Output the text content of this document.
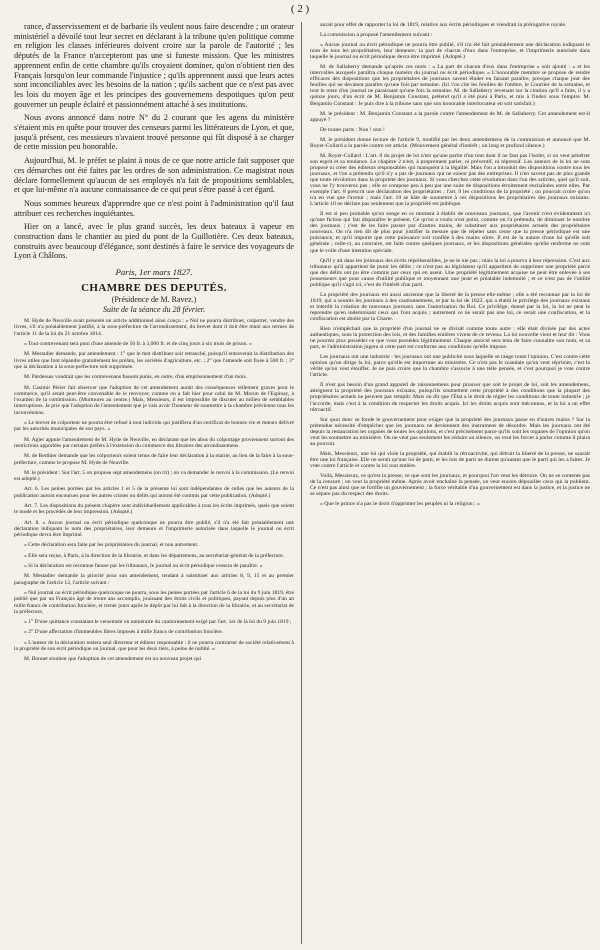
( 2 )

rance, d'asservissement et de barbarie ils veulent nous faire descendre ; un orateur ministériel a dévoilé tout leur secret en déclarant à la tribune qu'en politique comme en religion les classes inférieures doivent croire sur la parole de l'autorité ; les députés de la France n'accepteront pas une si funeste mission. Que les ministres apprennent enfin de cette chambre qu'ils croyaient dominer, qu'on n'obtient rien des Français lorsqu'on leur commande l'injustice ; qu'ils apprennent aussi que leurs actes sont inconciliables avec les besoins de la nation ; qu'ils sachent que ce n'est pas avec les lois du moyen âge et les principes des gouvernemens despotiques qu'on peut gouverner un peuple éclairé et passionnément attaché à ses institutions.

Nous avons annoncé dans notre N° du 2 courant que les agens du ministère s'étaient mis en quête pour trouver des censeurs parmi les littérateurs de Lyon, et que, jusqu'à présent, ces messieurs n'avaient trouvé personne qui fût disposé à se charger de cette mission peu honorable.

Aujourd'hui, M. le préfet se plaint à nous de ce que notre article fait supposer que ces démarches ont été faites par les ordres de son administration. Ce magistrat nous déclare formellement qu'aucun de ses employés n'a fait de propositions semblables, et que lui-même n'a aucune connaissance de ce qui peut s'être passé à cet égard.

Nous sommes heureux d'apprendre que ce n'est point à l'administration qu'il faut attribuer ces recherches inquiétantes.

Hier on a lancé, avec le plus grand succès, les deux bateaux à vapeur en construction dans le chantier au pied du pont de la Guillotière. Ces deux bateaux, construits avec beaucoup d'élégance, sont destinés à faire le service des voyageurs de Lyon à Châlons.

Paris, 1er mars 1827.
CHAMBRE DES DEPUTÉS.
(Présidence de M. Ravez.)
Suite de la séance du 28 février.

M. Hyde de Neuville avait présenté un article additionnel ainsi conçu : « Nul ne pourra distribuer, colporter, vendre des livres, s'il n'a préalablement justifié, à la sous-préfecture de l'arrondissement, du brevet dont il doit être muni aux termes de l'article 11 de la loi du 21 octobre 1814.

« Tout contrevenant sera puni d'une amende de 50 fr. à 3,000 fr. et de cinq jours à six mois de prison. »

M. Mestadier demande, par amendement : 1° que le mot distribuer soit retranché, puisqu'il entraverait la distribution des livres utiles que font répandre gratuitement les prélats, les sociétés d'agriculture, etc. ; 2° que l'amende soit fixée à 500 fr. ; 3° que la déclaration à la sous-préfecture soit supprimée.

M. Pardessus voudrait que les contrevenans fussent punis, en outre, d'un emprisonnement d'un mois.

M. Casimir Périer fait observer que l'adoption de cet amendement aurait des conséquences tellement graves pour le commerce, qu'il serait peut-être convenable de le renvoyer, comme on a fait hier pour celui de M. Moron de l'Espinay, à l'examen de la commission. (Murmures au centre.) Mais, Messieurs, il est impossible de discuter au milieu de semblables interruptions. Je prie que l'adoption de l'amendement que je vais avoir l'honneur de soumettre à la chambre prévienne tous les inconvéniens.

« Le brevet de colporteur ne pourra être refusé à tout individu qui justifiera d'un certificat de bonnes vie et mœurs délivré par les autorités municipales de son pays. »

M. Agier appuie l'amendement de M. Hyde de Neuville, en déclarant que les abus du colportage proviennent surtout des restrictions apportées par certains préfets à l'extension du commerce des libraires des arrondissemens.

M. de Berthier demande que les colporteurs soient tenus de faire leur déclaration à la mairie, au lieu de la faire à la sous-préfecture, comme le propose M. Hyde de Neuville.

M. le président : Sur l'art. 5 on propose sept amendemens (on rit) ; on va demander le renvoi à la commission. (Le renvoi est adopté.)

Art. 6. Les peines portées par les articles 1 et 5 de la présente loi sont indépendantes de celles que les auteurs de la publication auront encourues pour les autres crimes ou délits qui auront été commis par cette publication. (Adopté.)

Art. 7. Les dispositions du présent chapitre sont individuellement applicables à tous les écrits imprimés, quels que soient le mode et les procédés de leur impression. (Adopté.)

Art. 8. « Aucun journal ou écrit périodique quelconque ne pourra être publié, s'il n'a été fait préalablement une déclaration indiquant le nom des propriétaires, leur demeure et l'imprimerie autorisée dans laquelle le journal ou écrit périodique devra être imprimé.

« Cette déclaration sera faite par les propriétaires du journal, et non autrement.

« Elle sera reçue, à Paris, à la direction de la librairie, et dans les départemens, au secrétariat-général de la préfecture.

« Si la déclaration est reconnue fausse par les tribunaux, le journal ou écrit périodique cessera de paraître. »

M. Mestadier demande la priorité pour son amendement, tendant à substituer aux articles 8, 9, 15 et au premier paragraphe de l'article 12, l'article suivant :

« Nul journal ou écrit périodique quelconque ne pourra, sous les peines portées par l'article 6 de la loi du 9 juin 1819, être publié que par un Français âgé de trente ans accomplis, jouissant des droits civils et politiques, payant depuis plus d'un an mille francs de contribution foncière, et trente jours après le dépôt par lui fait à la direction de la librairie, et au secrétariat de la préfecture,

« 1° D'une quittance constatant le versement en numéraire du cautionnement exigé par l'art. 1er de la loi du 9 juin 1819 ;

« 2° D'une affectation d'immeubles libres imposés à mille francs de contribution foncière.

« L'auteur de la déclaration restera seul directeur et éditeur responsable : il ne pourra contracter de société relativement à la propriété de son écrit périodique ou journal, que pour les deux tiers, à peine de nullité. »

M. Bonnet soutient que l'adoption de cet amendement est un nouveau projet qui

aurait pour effet de rapporter la loi de 1819, relative aux écrits périodiques et viendrait la prérogative royale.

La commission a proposé l'amendement suivant :

« Aucun journal ou écrit périodique ne pourra être publié, s'il n'a été fait préalablement une déclaration indiquant le nom de tous les propriétaires, leur demeure, la part de chacun d'eux dans l'entreprise, et l'imprimerie autorisée dans laquelle le journal ou écrit périodique devra être imprimé. (Adopté.)

M. de Sallaberry demande qu'après ces mots : « La part de chacun d'eux dans l'entreprise » soit ajouté : « et les intervalles auxquels paraîtra chaque numéro du journal ou écrit périodique. » L'honorable membre se propose de rendre efficaces des dispositions que les propriétaires de journaux savent éluder en faisant paraître, presque chaque jour des feuilles qui ne devaient paraître qu'une fois par semaine. (Ici l'on cite les feuilles de l'ombre, le Courrier de la semaine, et tout le reste d'un journal ne paraissant qu'une fois la semaine. M. de Sallaberry revenant sur la citation qu'il a faite, il y a quinze jours, d'un écrit de M. Benjamin Constant, prétend qu'il a été puni à Paris, et mis à l'index sous l'empire. M. Benjamin Constant : Je puis dire à la tribune sans que son honorable interlocuteur en soit satisfait.)

M. le président : M. Benjamin Constant a la parole contre l'amendement de M. de Sallaberry. Cet amendement est-il appuyé ?

De toutes parts : Non ! non !

M. le président donne lecture de l'article 9, modifié par les deux amendemens de la commission et annoncé que M. Royer-Collard a la parole contre cet article. (Mouvement général d'intérêt ; un long et profond silence.)

M. Royer-Collard : L'art. 8 du projet de loi n'est qu'une partie d'un tout dont il ne faut pas l'isoler, si on veut pénétrer son esprit et sa tendance. Le chapitre 2 n'est, à proprement parler, ni préventif, ni répressif. Les auteurs de la loi ne sont proposé ni créer des éditeurs responsables qui manquent à la légalité. Mais l'on a introduit des dispositions contre tous les journaux, et l'on a prétendu qu'il n'y a pas de journaux qui ne soient pas des entreprises. Il n'en savent pas de plus grande que toute révolution dans la propriété des journaux. Si vous cherchez cette révolution dans l'un des articles, quel qu'il soit, vous ne l'y trouverez pas ; elle se compose peu à peu par une suite de dispositions étroitement enchaînées entre elles. Par exemple l'art. 8 prescrit une déclaration des propriétaires ; l'art. 9 les conditions de la propriété ; on pourrait croire qu'on n'a en vue que l'avenir ; mais l'art. 10 se hâte de soumettre à ces dispositions les propriétaires des journaux existans. L'article 10 ne déclare pas seulement que la propriété est publique.

Il est si peu probable qu'on songe en ce moment à établir de nouveaux journaux, que l'avenir n'est évidemment ici qu'une fiction qui fait disparaître le présent. Ce qu'on a voulu n'est point, comme on l'a prétendu, de diminuer le nombre des journaux ; c'est de les faire passer par d'autres mains, de substituer aux propriétaires actuels des propriétaires nouveaux. On n'a rien dit de plus pour justifier la mesure que de répéter sans cesse que la presse périodique est une puissance, et qu'il importe que cette puissance soit confiée à des mains sûres. Il est de la nature d'une loi qu'elle soit générale ; celle-ci, au contraire, est faite contre quelques journaux, et les dispositions générales qu'elle renferme ne sont que le voile d'une intention spéciale.

Qu'il y ait dans les journaux des écrits répréhensibles, je ne le nie pas ; mais la loi a pourvu à leur répression. C'est aux tribunaux qu'il appartient de punir les délits ; ce n'est pas au législateur qu'il appartient de supprimer une propriété parce que des délits ont pu être commis par ceux qui en usent. Une propriété légitimement acquise ne peut être enlevée à ses possesseurs que pour cause d'utilité publique et moyennant une juste et préalable indemnité ; et ce n'est pas de l'utilité publique qu'il s'agit ici, c'est de l'intérêt d'un parti.

La propriété des journaux est aussi ancienne que la liberté de la presse elle-même ; elle a été reconnue par la loi de 1819, qui a soumis les journaux à des cautionnemens, et par la loi de 1822, qui a établi le privilège des journaux existans et interdit la création de nouveaux journaux sans l'autorisation du Roi. Ce privilège, donné par la loi, la loi ne peut le reprendre qu'en indemnisant ceux qui l'ont acquis ; autrement ce ne serait pas une loi, ce serait une confiscation, et la confiscation est abolie par la Charte.

Rien n'empêchait que la propriété d'un journal ne se divisât comme toute autre ; elle était divisée par des actes authentiques, sous la protection des lois, et des familles entières vivent de ce revenu. La loi nouvelle vient et leur dit : Vous ne pourrez plus posséder ce que vous possédez légitimement. Chaque associé sera tenu de faire connaître son nom, et sa part, et l'administration jugera si cette part est conforme aux conditions qu'elle impose.

Les journaux ont une industrie : les journaux ont une publicité sous laquelle se range toute l'opinion. C'est contre cette opinion qu'on dirige la loi, parce qu'elle est importune au ministère. Ce n'est pas le scandale qu'on veut réprimer, c'est la vérité qu'on veut étouffer. Je ne puis croire que la chambre s'associe à une telle pensée, et c'est pourquoi je vote contre l'article.

Il n'est pas besoin d'un grand appareil de raisonnemens pour prouver que soit le projet de loi, soit les amendemens, atteignent la propriété des journaux existans, puisqu'ils soumettent cette propriété à des conditions que la plupart des propriétaires actuels ne peuvent pas remplir. Mais on dit que l'État a le droit de régler les conditions de toute industrie ; je l'accorde, mais c'est à la condition de respecter les droits acquis. Ici les droits acquis sont méconnus, et la loi a un effet rétroactif.

Sur quoi donc se fonde le gouvernement pour exiger que la propriété des journaux passe en d'autres mains ? Sur la prétendue nécessité d'empêcher que les journaux ne deviennent des instrumens de désordre. Mais les journaux ont été depuis la restauration les organes de toutes les opinions, et c'est précisément parce qu'ils sont les organes de l'opinion qu'on veut les soumettre au ministère. On ne veut pas seulement les réduire au silence, on veut les forcer à parler comme il plaira au pouvoir.

Mais, Messieurs, une loi qui viole la propriété, qui établit la rétroactivité, qui détruit la liberté de la presse, ne saurait être une loi française. Elle ne serait qu'une loi de parti, et les lois de parti ne durent qu'autant que le parti qui les a faites. Je vote contre l'article et contre la loi tout entière.

Voilà, Messieurs, ce qu'est la presse, ce que sont les journaux, et pourquoi l'on veut les détruire. On ne se contente pas de la censure ; on veut la propriété même. Après avoir enchaîné la pensée, on veut encore dépouiller ceux qui la publient. Ce n'est pas ainsi que se fortifie un gouvernement ; la force véritable d'un gouvernement est dans la justice, et la justice ne se sépare pas du respect des droits.

« Que le prince n'a pas le droit d'opprimer les peuples ni la religion ; »
